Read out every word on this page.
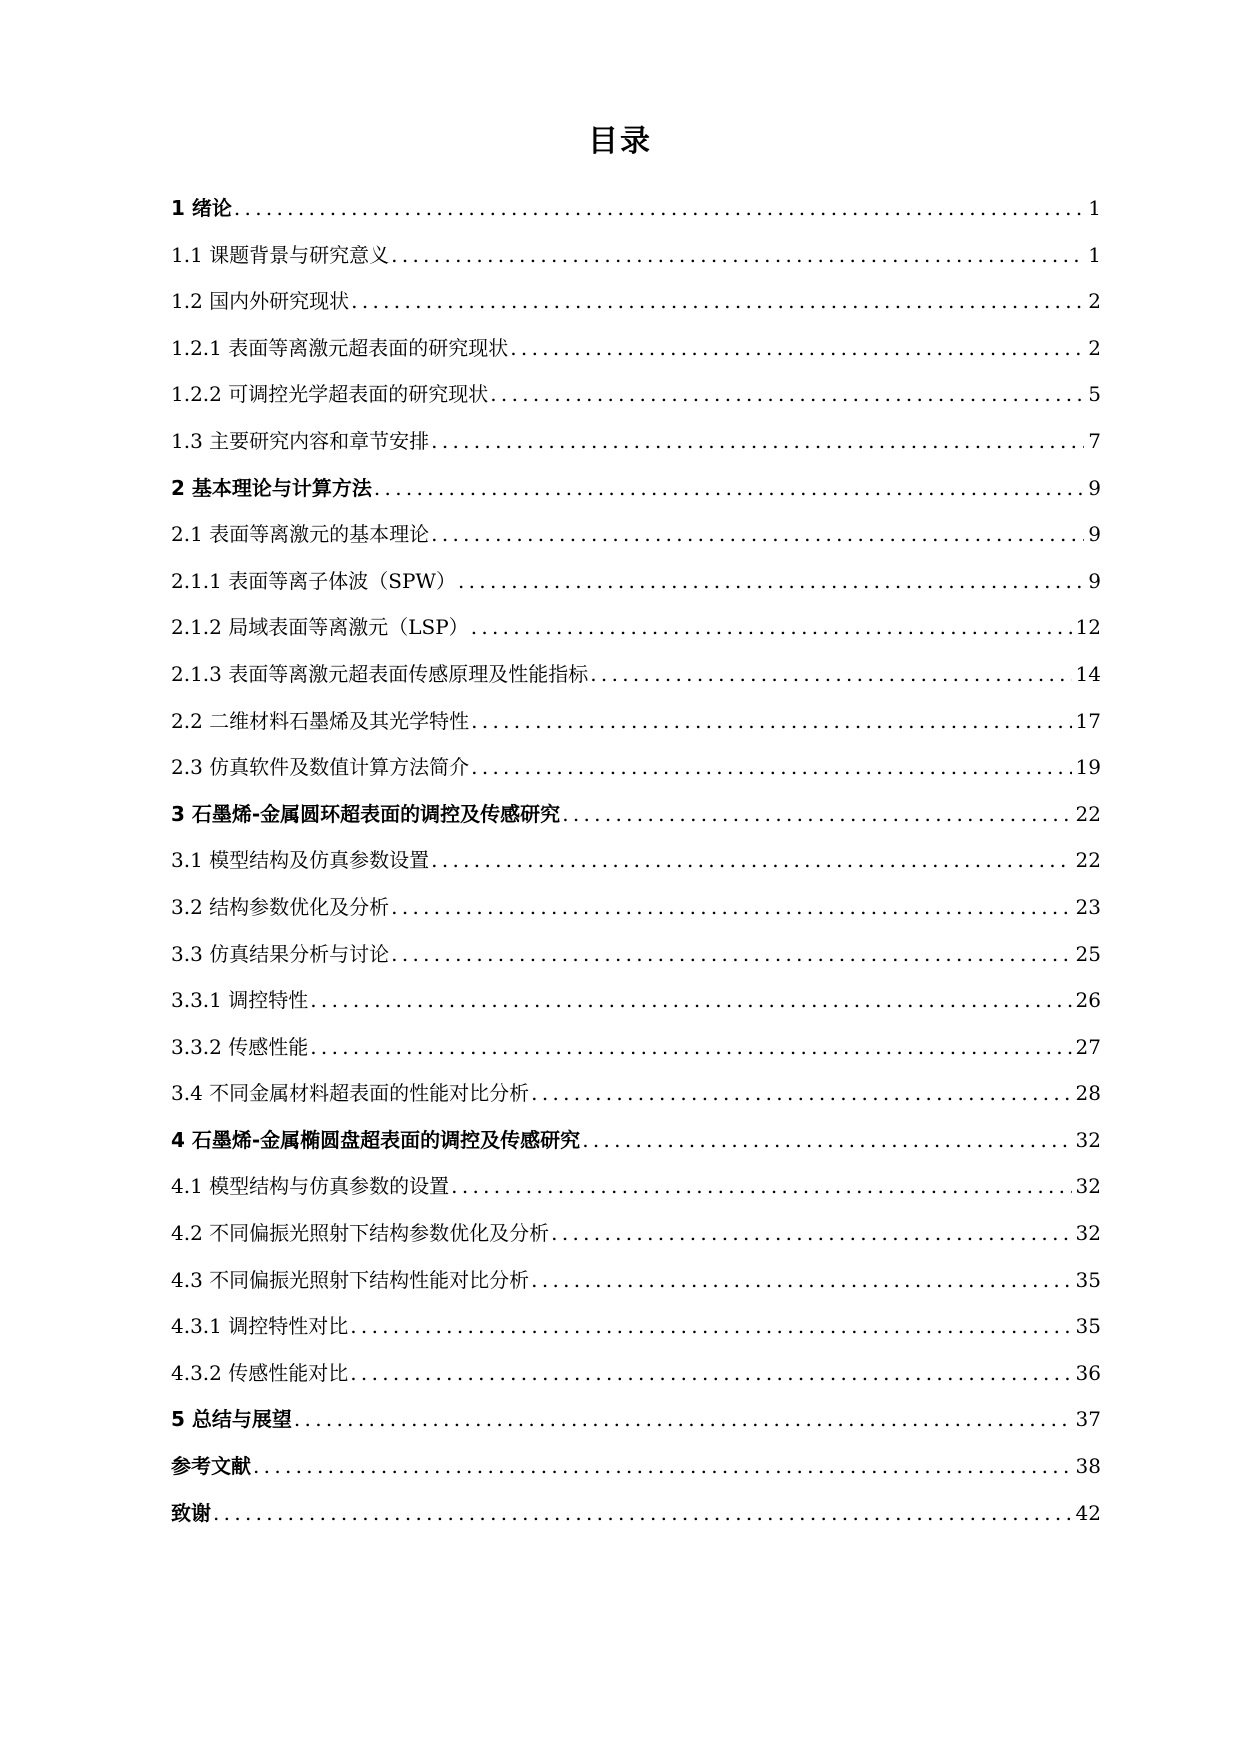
目录
1 绪论 .....	1
1.1 课题背景与研究意义 .....	1
1.2 国内外研究现状 .....	2
1.2.1 表面等离激元超表面的研究现状 .....	2
1.2.2 可调控光学超表面的研究现状 .....	5
1.3 主要研究内容和章节安排 .....	7
2 基本理论与计算方法 .....	9
2.1 表面等离激元的基本理论 .....	9
2.1.1 表面等离子体波（SPW） .....	9
2.1.2 局域表面等离激元（LSP） .....	12
2.1.3 表面等离激元超表面传感原理及性能指标 .....	14
2.2 二维材料石墨烯及其光学特性 .....	17
2.3 仿真软件及数值计算方法简介 .....	19
3 石墨烯-金属圆环超表面的调控及传感研究 .....	22
3.1 模型结构及仿真参数设置 .....	22
3.2 结构参数优化及分析 .....	23
3.3 仿真结果分析与讨论 .....	25
3.3.1 调控特性 .....	26
3.3.2 传感性能 .....	27
3.4 不同金属材料超表面的性能对比分析 .....	28
4 石墨烯-金属椭圆盘超表面的调控及传感研究 .....	32
4.1 模型结构与仿真参数的设置 .....	32
4.2 不同偏振光照射下结构参数优化及分析 .....	32
4.3 不同偏振光照射下结构性能对比分析 .....	35
4.3.1 调控特性对比 .....	35
4.3.2 传感性能对比 .....	36
5 总结与展望 .....	37
参考文献 .....	38
致谢 .....	42
